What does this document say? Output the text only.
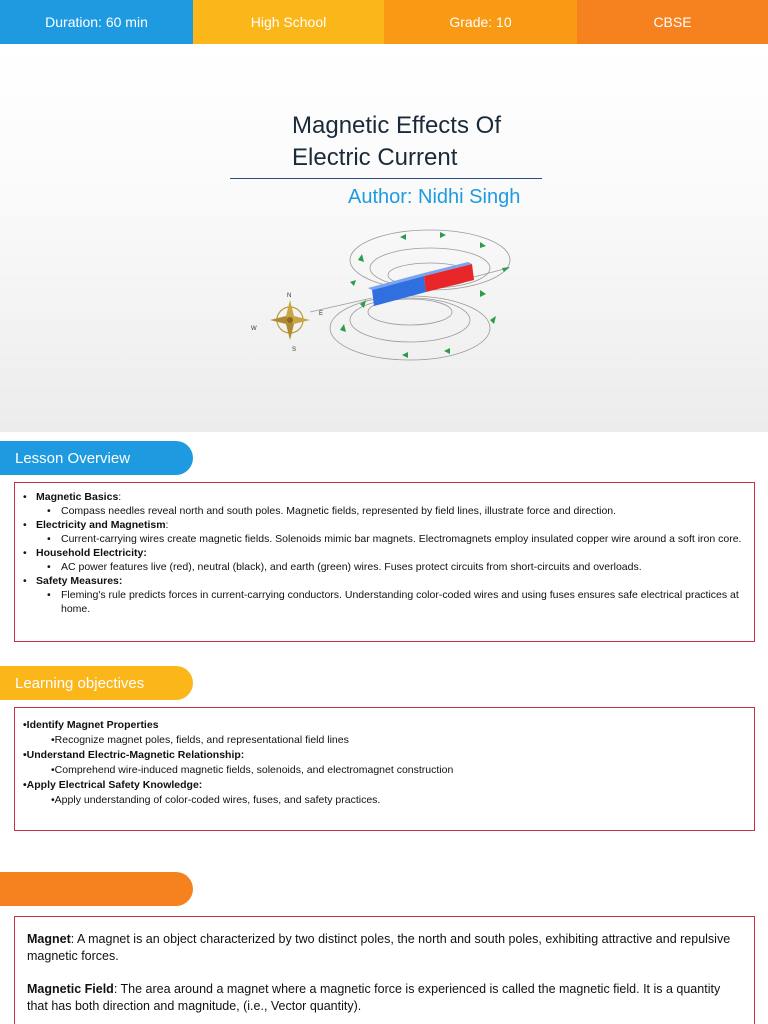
Duration: 60 min	High School	Grade: 10	CBSE
Magnetic Effects Of
Electric Current
Author: Nidhi Singh
N
E
S
W
Lesson Overview
• Magnetic Basics:
• Compass needles reveal north and south poles. Magnetic fields, represented by field lines, illustrate force and direction.
• Electricity and Magnetism:
• Current-carrying wires create magnetic fields. Solenoids mimic bar magnets. Electromagnets employ insulated copper wire around a soft iron core.
• Household Electricity:
• AC power features live (red), neutral (black), and earth (green) wires. Fuses protect circuits from short-circuits and overloads.
• Safety Measures:
• Fleming's rule predicts forces in current-carrying conductors. Understanding color-coded wires and using fuses ensures safe electrical practices at home.
Learning objectives
•Identify Magnet Properties
•Recognize magnet poles, fields, and representational field lines
•Understand Electric-Magnetic Relationship:
•Comprehend wire-induced magnetic fields, solenoids, and electromagnet construction
•Apply Electrical Safety Knowledge:
•Apply understanding of color-coded wires, fuses, and safety practices.

Magnet: A magnet is an object characterized by two distinct poles, the north and south poles, exhibiting attractive and repulsive magnetic forces.

Magnetic Field: The area around a magnet where a magnetic force is experienced is called the magnetic field. It is a quantity that has both direction and magnitude, (i.e., Vector quantity).
